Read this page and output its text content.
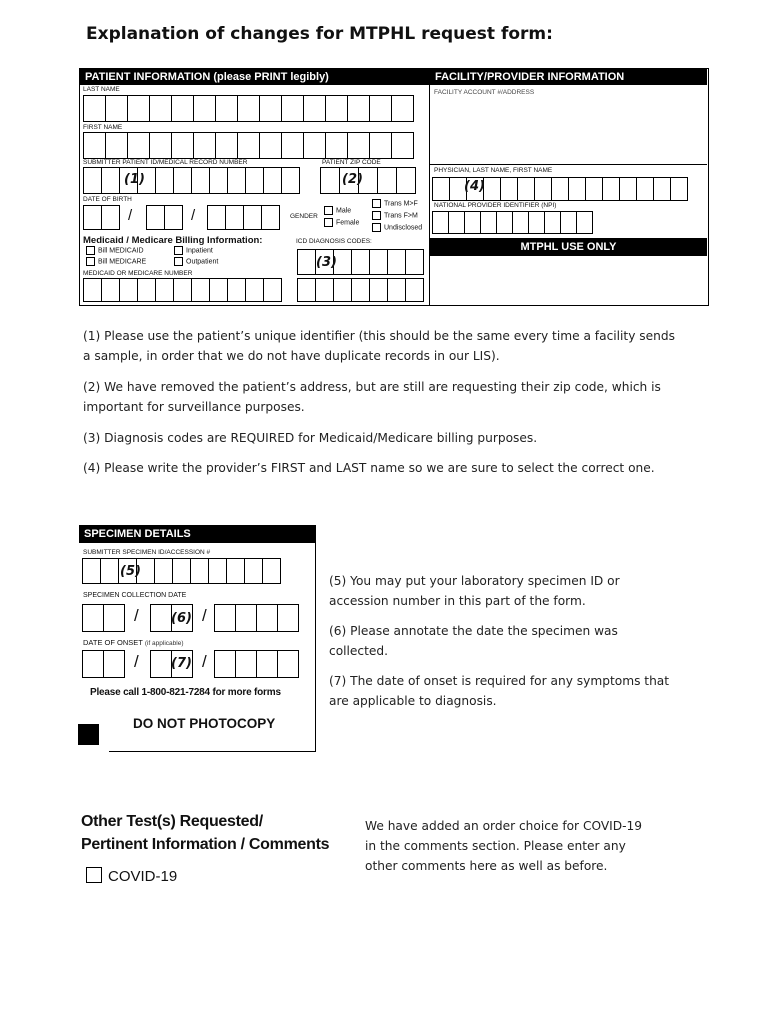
Explanation of changes for MTPHL request form:
PATIENT INFORMATION (please PRINT legibly)	FACILITY/PROVIDER INFORMATION
LAST NAME
FIRST NAME
SUBMITTER PATIENT ID/MEDICAL RECORD NUMBER	PATIENT ZIP CODE
(1)	(2)
DATE OF BIRTH
/	/	GENDER
Male
Female
Trans M>F
Trans F>M
Undisclosed
Medicaid / Medicare Billing Information:	ICD DIAGNOSIS CODES:
Bill MEDICAID	Inpatient
Bill MEDICARE	Outpatient	(3)
MEDICAID OR MEDICARE NUMBER
FACILITY ACCOUNT #/ADDRESS
PHYSICIAN, LAST NAME, FIRST NAME
(4)
NATIONAL PROVIDER IDENTIFIER (NPI)
MTPHL USE ONLY
(1) Please use the patient’s unique identifier (this should be the same every time a facility sends a sample, in order that we do not have duplicate records in our LIS).
(2) We have removed the patient’s address, but are still are requesting their zip code, which is important for surveillance purposes.
(3) Diagnosis codes are REQUIRED for Medicaid/Medicare billing purposes.
(4) Please write the provider’s FIRST and LAST name so we are sure to select the correct one.
SPECIMEN DETAILS
SUBMITTER SPECIMEN ID/ACCESSION #
(5)
SPECIMEN COLLECTION DATE
/ (6) /
DATE OF ONSET (if applicable)
/ (7) /
Please call 1-800-821-7284 for more forms
DO NOT PHOTOCOPY
(5) You may put your laboratory specimen ID or accession number in this part of the form.
(6) Please annotate the date the specimen was collected.
(7) The date of onset is required for any symptoms that are applicable to diagnosis.
Other Test(s) Requested/
Pertinent Information / Comments
COVID-19
We have added an order choice for COVID-19 in the comments section. Please enter any other comments here as well as before.
